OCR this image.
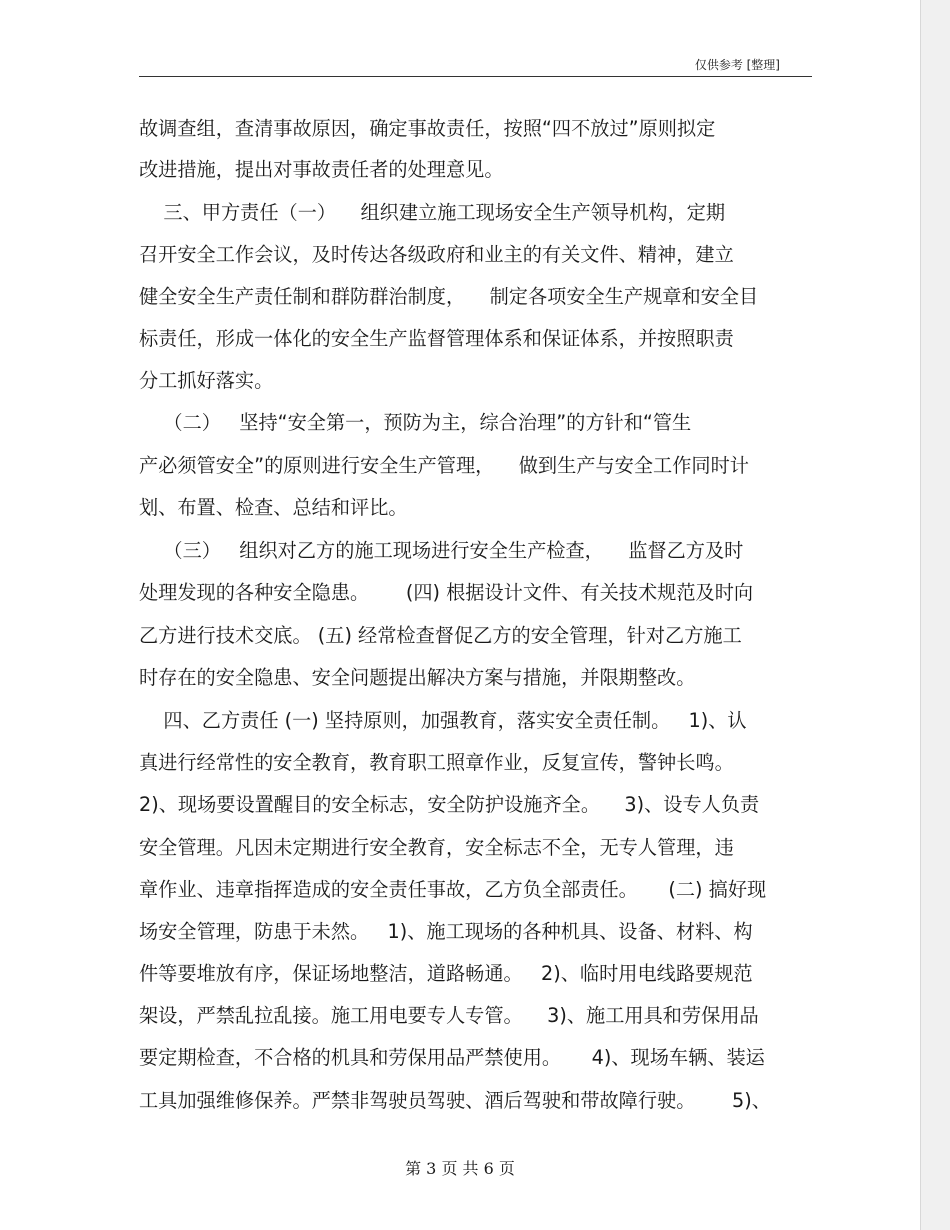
仅供参考 [整理]
故调查组，查清事故原因，确定事故责任，按照“四不放过”原则拟定
改进措施，提出对事故责任者的处理意见。
三、甲方责任（一）    组织建立施工现场安全生产领导机构，定期
召开安全工作会议，及时传达各级政府和业主的有关文件、精神，建立
健全安全生产责任制和群防群治制度，    制定各项安全生产规章和安全目
标责任，形成一体化的安全生产监督管理体系和保证体系，并按照职责
分工抓好落实。
（二）   坚持“安全第一，预防为主，综合治理”的方针和“管生
产必须管安全”的原则进行安全生产管理，    做到生产与安全工作同时计
划、布置、检查、总结和评比。
（三）   组织对乙方的施工现场进行安全生产检查，    监督乙方及时
处理发现的各种安全隐患。      (四) 根据设计文件、有关技术规范及时向
乙方进行技术交底。 (五) 经常检查督促乙方的安全管理，针对乙方施工
时存在的安全隐患、安全问题提出解决方案与措施，并限期整改。
四、乙方责任 (一) 坚持原则，加强教育，落实安全责任制。   1)、认
真进行经常性的安全教育，教育职工照章作业，反复宣传，警钟长鸣。
2)、现场要设置醒目的安全标志，安全防护设施齐全。    3)、设专人负责
安全管理。凡因未定期进行安全教育，安全标志不全，无专人管理，违
章作业、违章指挥造成的安全责任事故，乙方负全部责任。     (二) 搞好现
场安全管理，防患于未然。   1)、施工现场的各种机具、设备、材料、构
件等要堆放有序，保证场地整洁，道路畅通。   2)、临时用电线路要规范
架设，严禁乱拉乱接。施工用电要专人专管。    3)、施工用具和劳保用品
要定期检查，不合格的机具和劳保用品严禁使用。     4)、现场车辆、装运
工具加强维修保养。严禁非驾驶员驾驶、酒后驾驶和带故障行驶。      5)、
第 3 页 共 6 页
